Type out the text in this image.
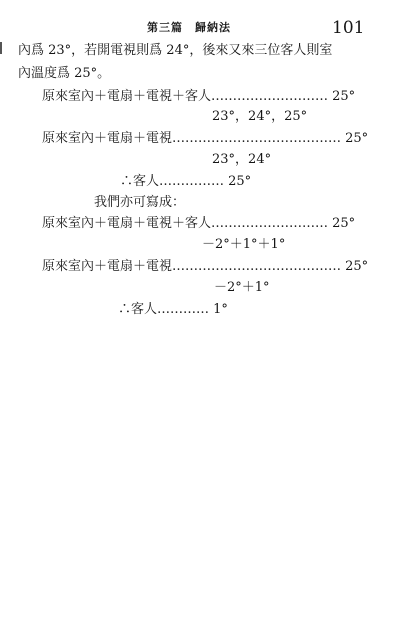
第三篇　歸納法	101
內爲 23°，若開電視則爲 24°，後來又來三位客人則室
內溫度爲 25°。
原來室內＋電扇＋電視＋客人……………………… 25°
23°，24°，25°
原來室內＋電扇＋電視………………………………… 25°
23°，24°
∴客人…………… 25°
我們亦可寫成：
原來室內＋電扇＋電視＋客人……………………… 25°
－2°＋1°＋1°
原來室內＋電扇＋電視………………………………… 25°
－2°＋1°
∴客人………… 1°
